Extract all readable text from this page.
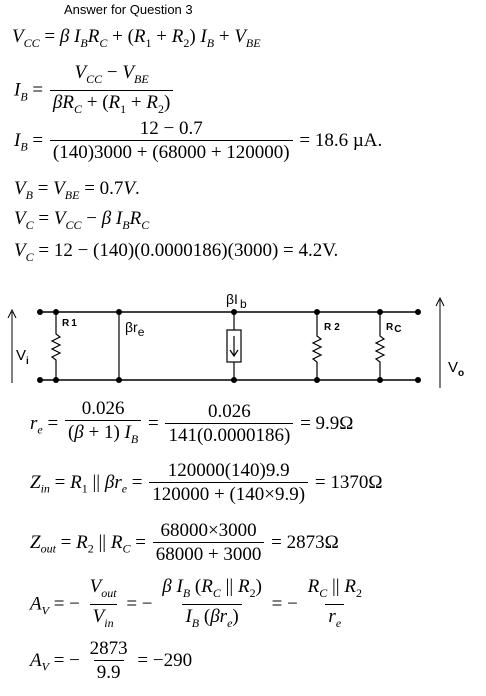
Answer for Question 3
$V_{CC} = \beta$ $I_BR_C + (R_1 + R_2) I_B + V_{BE}$
$I_B = \frac{V_{CC} - V_{BE}}{\beta R_C + (R_1 + R_2)}$
$I_B = \frac{12 - 0.7}{(140)3000 + (68000 + 120000)} = 18.6$ µA.
$V_B = V_{BE} = 0.7V$.
$V_C = V_{CC} - \beta$ $I_BR_C$
$V_C = 12 - (140)(0.0000186)(3000) = 4.2V$.
$V_i$
R 1	βre
βI b
R 2	RC
$V_o$
$r_e = \frac{0.026}{(\beta + 1) I_B} = \frac{0.026}{141(0.0000186)} = 9.9\Omega$
$Z_{in} = R_1$ || $\beta r_e = \frac{120000(140)9.9}{120000 + (140\times 9.9)} = 1370\Omega$
$Z_{out} = R_2$ || $R_C = \frac{68000\times 3000}{68000 + 3000} = 2873\Omega$
$A_V$ = − $\frac{V_{out}}{V_{in}}$ = − $\frac{\beta I_B (R_C || R_2)}{I_B (\beta r_e)}$ = − $\frac{R_C || R_2}{r_e}$
$A_V$ = − $\frac{2873}{9.9} = -290$
